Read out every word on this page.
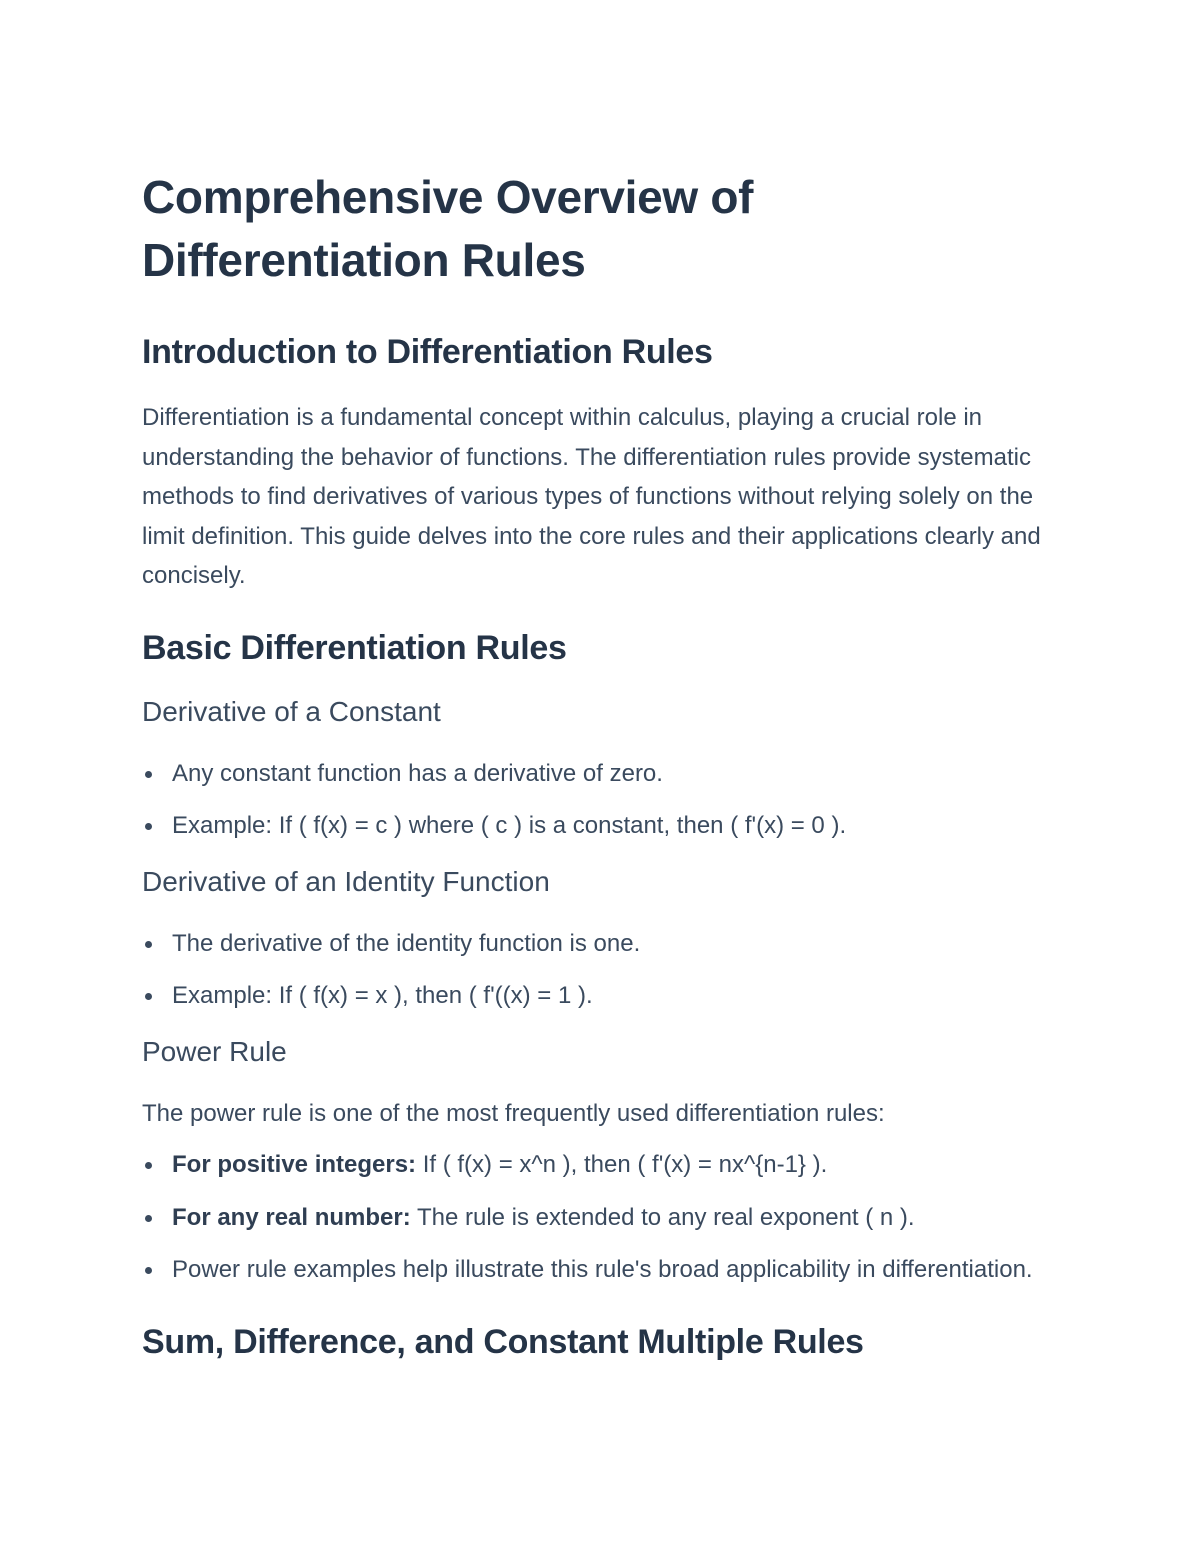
Comprehensive Overview of Differentiation Rules
Introduction to Differentiation Rules

Differentiation is a fundamental concept within calculus, playing a crucial role in understanding the behavior of functions. The differentiation rules provide systematic methods to find derivatives of various types of functions without relying solely on the limit definition. This guide delves into the core rules and their applications clearly and concisely.

Basic Differentiation Rules
Derivative of a Constant
Any constant function has a derivative of zero.
Example: If ( f(x) = c ) where ( c ) is a constant, then ( f'(x) = 0 ).
Derivative of an Identity Function
The derivative of the identity function is one.
Example: If ( f(x) = x ), then ( f'((x) = 1 ).
Power Rule

The power rule is one of the most frequently used differentiation rules:

For positive integers: If ( f(x) = x^n ), then ( f'(x) = nx^{n-1} ).
For any real number: The rule is extended to any real exponent ( n ).
Power rule examples help illustrate this rule's broad applicability in differentiation.
Sum, Difference, and Constant Multiple Rules
